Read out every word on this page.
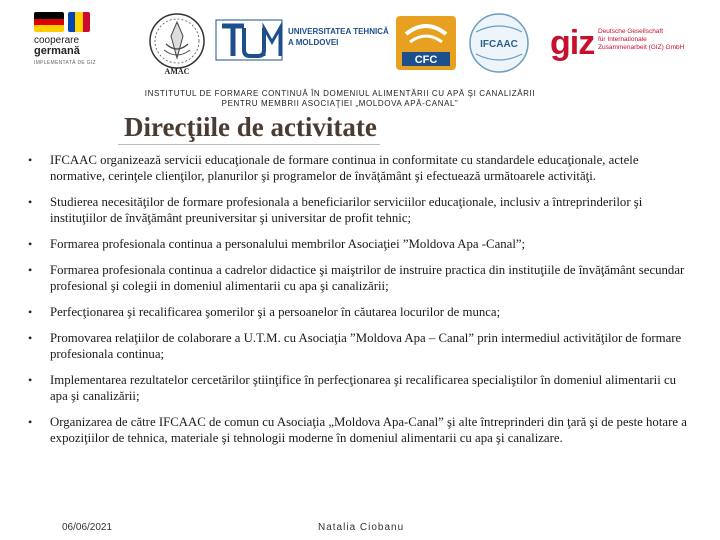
cooperare
germană
IMPLEMENTATĂ DE GIZ
AMAC
UNIVERSITATEA TEHNICĂ
A MOLDOVEI
CFC
IFCAAC giz Deutsche Gesellschaft
für Internationale
Zusammenarbeit (GIZ) GmbH
INSTITUTUL DE FORMARE CONTINUĂ ÎN DOMENIUL ALIMENTĂRII CU APĂ ŞI CANALIZĂRII
PENTRU MEMBRII ASOCIAŢIEI „MOLDOVA APĂ-CANAL”
Direcţiile de activitate
• IFCAAC organizează servicii educaţionale de formare continua in conformitate cu standardele educaţionale, actele normative, cerinţele clienţilor, planurilor şi programelor de învăţământ şi efectuează următoarele activităţi.
• Studierea necesităţilor de formare profesionala a beneficiarilor serviciilor educaţionale, inclusiv a întreprinderilor şi instituţiilor de învăţământ preuniversitar şi universitar de profit tehnic;
• Formarea profesionala continua a personalului membrilor Asociaţiei ”Moldova Apa -Canal”;
• Formarea profesionala continua a cadrelor didactice şi maiştrilor de instruire practica din instituţiile de învăţământ secundar profesional şi colegii in domeniul alimentarii cu apa şi canalizării;
• Perfecţionarea şi recalificarea şomerilor şi a persoanelor în căutarea locurilor de munca;
• Promovarea relaţiilor de colaborare a U.T.M. cu Asociaţia ”Moldova Apa – Canal” prin intermediul activităţilor de formare profesionala continua;
• Implementarea rezultatelor cercetărilor ştiinţifice în perfecţionarea şi recalificarea specialiştilor în domeniul alimentarii cu apa şi canalizării;
• Organizarea de către IFCAAC de comun cu Asociaţia „Moldova Apa-Canal” şi alte întreprinderi din ţară şi de peste hotare a expoziţiilor de tehnica, materiale şi tehnologii moderne în domeniul alimentarii cu apa şi canalizare.
06/06/2021	Natalia Ciobanu
